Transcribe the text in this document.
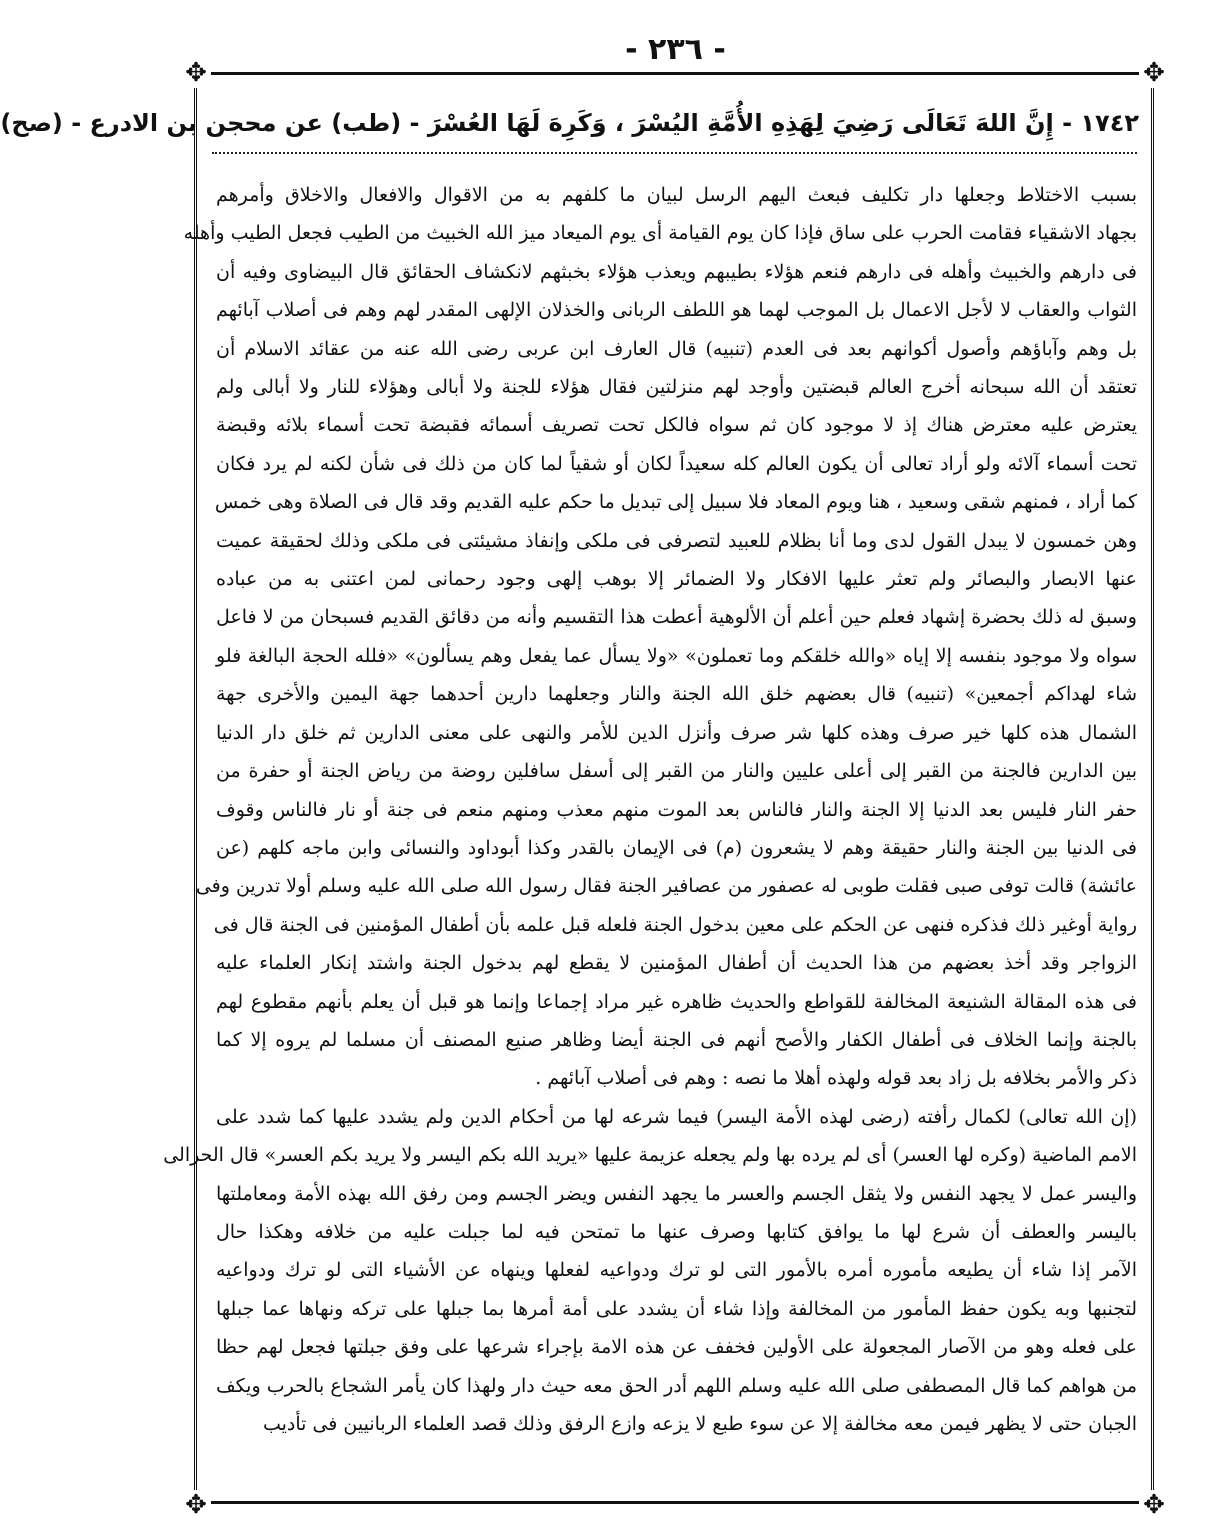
- ٢٣٦ -
✥	✥
✥	✥
١٧٤٢ - إِنَّ اللهَ تَعَالَى رَضِيَ لِهَذِهِ الأُمَّةِ اليُسْرَ ، وَكَرِهَ لَهَا العُسْرَ - (طب) عن محجن بن الادرع - (صح)
بسبب الاختلاط وجعلها دار تكليف فبعث اليهم الرسل لبيان ما كلفهم به من الاقوال والافعال والاخلاق وأمرهم
بجهاد الاشقياء فقامت الحرب على ساق فإذا كان يوم القيامة أى يوم الميعاد ميز الله الخبيث من الطيب فجعل الطيب وأهله
فى دارهم والخبيث وأهله فى دارهم فنعم هؤلاء بطيبهم ويعذب هؤلاء بخبثهم لانكشاف الحقائق قال البيضاوى وفيه أن
الثواب والعقاب لا لأجل الاعمال بل الموجب لهما هو اللطف الربانى والخذلان الإلهى المقدر لهم وهم فى أصلاب آبائهم
بل وهم وآباؤهم وأصول أكوانهم بعد فى العدم (تنبيه) قال العارف ابن عربى رضى الله عنه من عقائد الاسلام أن
تعتقد أن الله سبحانه أخرج العالم قبضتين وأوجد لهم منزلتين فقال هؤلاء للجنة ولا أبالى وهؤلاء للنار ولا أبالى ولم
يعترض عليه معترض هناك إذ لا موجود كان ثم سواه فالكل تحت تصريف أسمائه فقبضة تحت أسماء بلائه وقبضة
تحت أسماء آلائه ولو أراد تعالى أن يكون العالم كله سعيداً لكان أو شقياً لما كان من ذلك فى شأن لكنه لم يرد فكان
كما أراد ، فمنهم شقى وسعيد ، هنا ويوم المعاد فلا سبيل إلى تبديل ما حكم عليه القديم وقد قال فى الصلاة وهى خمس
وهن خمسون لا يبدل القول لدى وما أنا بظلام للعبيد لتصرفى فى ملكى وإنفاذ مشيئتى فى ملكى وذلك لحقيقة عميت
عنها الابصار والبصائر ولم تعثر عليها الافكار ولا الضمائر إلا بوهب إلهى وجود رحمانى لمن اعتنى به من عباده
وسبق له ذلك بحضرة إشهاد فعلم حين أعلم أن الألوهية أعطت هذا التقسيم وأنه من دقائق القديم فسبحان من لا فاعل
سواه ولا موجود بنفسه إلا إياه «والله خلقكم وما تعملون» «ولا يسأل عما يفعل وهم يسألون» «فلله الحجة البالغة فلو
شاء لهداكم أجمعين» (تنبيه) قال بعضهم خلق الله الجنة والنار وجعلهما دارين أحدهما جهة اليمين والأخرى جهة
الشمال هذه كلها خير صرف وهذه كلها شر صرف وأنزل الدين للأمر والنهى على معنى الدارين ثم خلق دار الدنيا
بين الدارين فالجنة من القبر إلى أعلى عليين والنار من القبر إلى أسفل سافلين روضة من رياض الجنة أو حفرة من
حفر النار فليس بعد الدنيا إلا الجنة والنار فالناس بعد الموت منهم معذب ومنهم منعم فى جنة أو نار فالناس وقوف
فى الدنيا بين الجنة والنار حقيقة وهم لا يشعرون (م) فى الإيمان بالقدر وكذا أبوداود والنسائى وابن ماجه كلهم (عن
عائشة) قالت توفى صبى فقلت طوبى له عصفور من عصافير الجنة فقال رسول الله صلى الله عليه وسلم أولا تدرين وفى
رواية أوغير ذلك فذكره فنهى عن الحكم على معين بدخول الجنة فلعله قبل علمه بأن أطفال المؤمنين فى الجنة قال فى
الزواجر وقد أخذ بعضهم من هذا الحديث أن أطفال المؤمنين لا يقطع لهم بدخول الجنة واشتد إنكار العلماء عليه
فى هذه المقالة الشنيعة المخالفة للقواطع والحديث ظاهره غير مراد إجماعا وإنما هو قبل أن يعلم بأنهم مقطوع لهم
بالجنة وإنما الخلاف فى أطفال الكفار والأصح أنهم فى الجنة أيضا وظاهر صنيع المصنف أن مسلما لم يروه إلا كما
ذكر والأمر بخلافه بل زاد بعد قوله ولهذه أهلا ما نصه : وهم فى أصلاب آبائهم .
(إن الله تعالى) لكمال رأفته (رضى لهذه الأمة اليسر) فيما شرعه لها من أحكام الدين ولم يشدد عليها كما شدد على
الامم الماضية (وكره لها العسر) أى لم يرده بها ولم يجعله عزيمة عليها «يريد الله بكم اليسر ولا يريد بكم العسر» قال الحرالى
واليسر عمل لا يجهد النفس ولا يثقل الجسم والعسر ما يجهد النفس ويضر الجسم ومن رفق الله بهذه الأمة ومعاملتها
باليسر والعطف أن شرع لها ما يوافق كتابها وصرف عنها ما تمتحن فيه لما جبلت عليه من خلافه وهكذا حال
الآمر إذا شاء أن يطيعه مأموره أمره بالأمور التى لو ترك ودواعيه لفعلها وينهاه عن الأشياء التى لو ترك ودواعيه
لتجنبها وبه يكون حفظ المأمور من المخالفة وإذا شاء أن يشدد على أمة أمرها بما جبلها على تركه ونهاها عما جبلها
على فعله وهو من الآصار المجعولة على الأولين فخفف عن هذه الامة بإجراء شرعها على وفق جبلتها فجعل لهم حظا
من هواهم كما قال المصطفى صلى الله عليه وسلم اللهم أدر الحق معه حيث دار ولهذا كان يأمر الشجاع بالحرب ويكف
الجبان حتى لا يظهر فيمن معه مخالفة إلا عن سوء طبع لا يزعه وازع الرفق وذلك قصد العلماء الربانيين فى تأديب
